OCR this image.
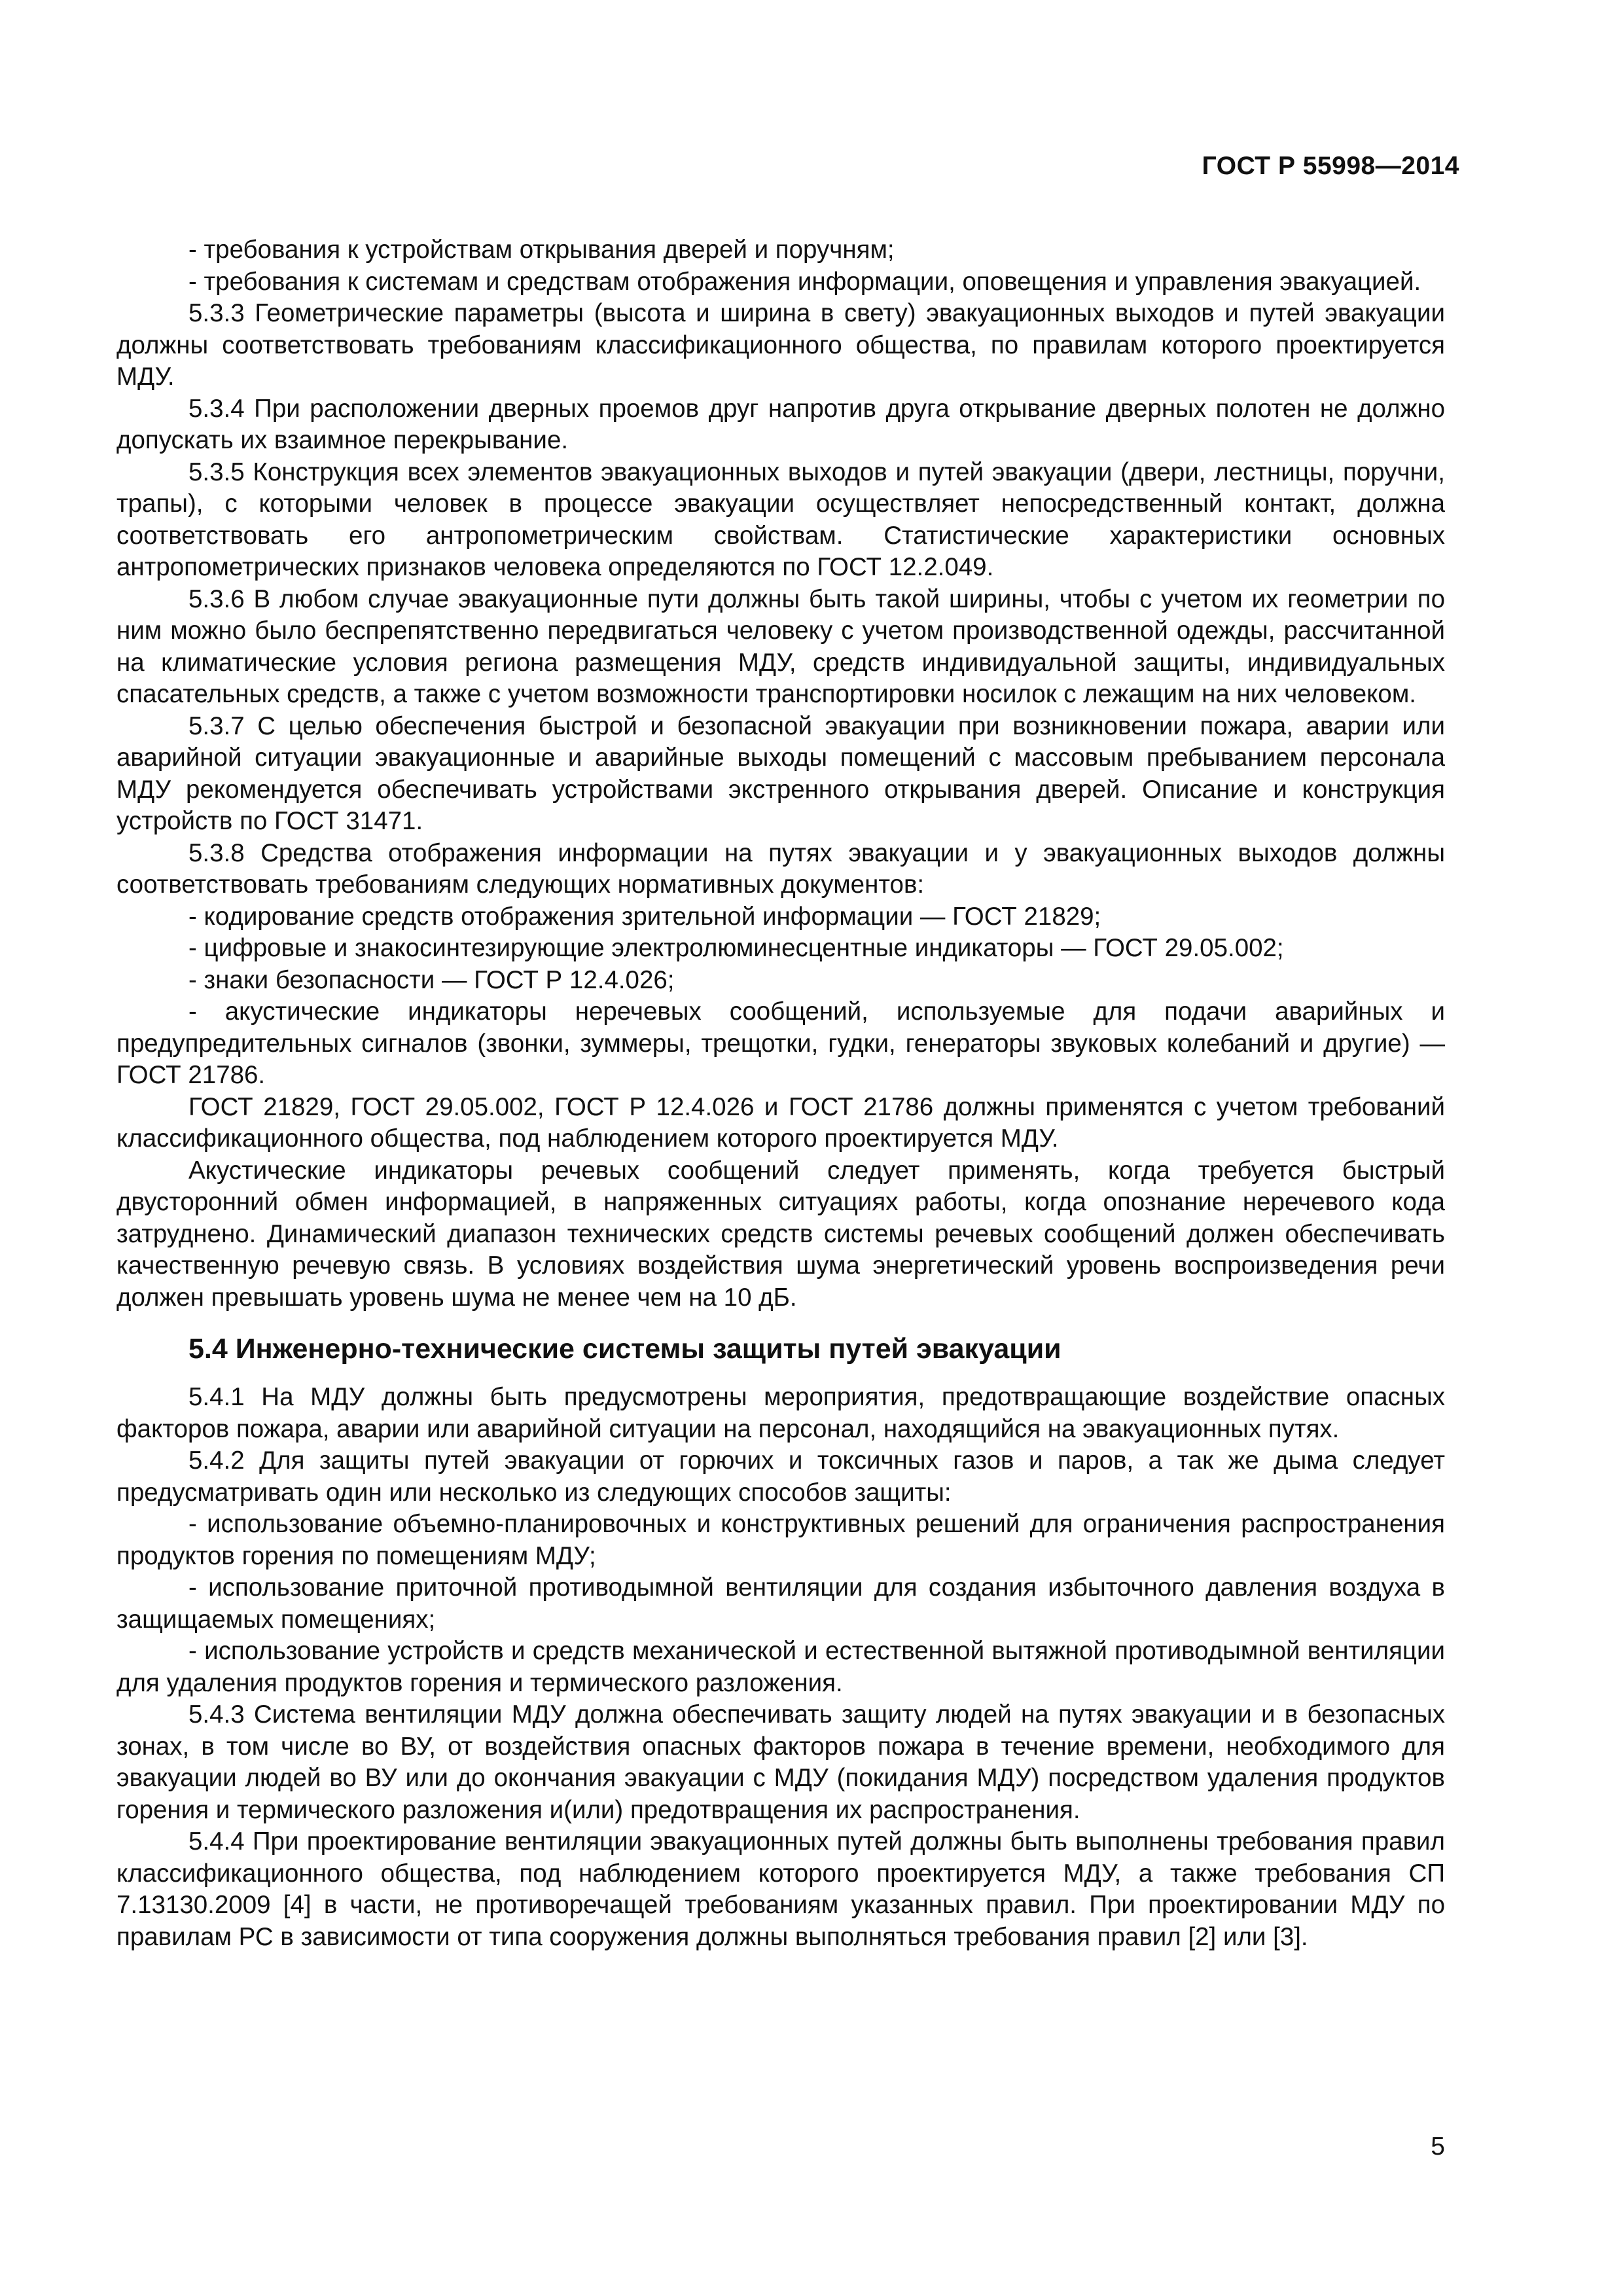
ГОСТ Р 55998—2014

- требования к устройствам открывания дверей и поручням;

- требования к системам и средствам отображения информации, оповещения и управления эвакуацией.

5.3.3 Геометрические параметры (высота и ширина в свету) эвакуационных выходов и путей эвакуации должны соответствовать требованиям классификационного общества, по правилам которого проектируется МДУ.

5.3.4 При расположении дверных проемов друг напротив друга открывание дверных полотен не должно допускать их взаимное перекрывание.

5.3.5 Конструкция всех элементов эвакуационных выходов и путей эвакуации (двери, лестницы, поручни, трапы), с которыми человек в процессе эвакуации осуществляет непосредственный контакт, должна соответствовать его антропометрическим свойствам. Статистические характеристики основных антропометрических признаков человека определяются по ГОСТ 12.2.049.

5.3.6 В любом случае эвакуационные пути должны быть такой ширины, чтобы с учетом их геометрии по ним можно было беспрепятственно передвигаться человеку с учетом производственной одежды, рассчитанной на климатические условия региона размещения МДУ, средств индивидуальной защиты, индивидуальных спасательных средств, а также с учетом возможности транспортировки носилок с лежащим на них человеком.

5.3.7 С целью обеспечения быстрой и безопасной эвакуации при возникновении пожара, аварии или аварийной ситуации эвакуационные и аварийные выходы помещений с массовым пребыванием персонала МДУ рекомендуется обеспечивать устройствами экстренного открывания дверей. Описание и конструкция устройств по ГОСТ 31471.

5.3.8 Средства отображения информации на путях эвакуации и у эвакуационных выходов должны соответствовать требованиям следующих нормативных документов:

- кодирование средств отображения зрительной информации — ГОСТ 21829;

- цифровые и знакосинтезирующие электролюминесцентные индикаторы — ГОСТ 29.05.002;

- знаки безопасности — ГОСТ Р 12.4.026;

- акустические индикаторы неречевых сообщений, используемые для подачи аварийных и предупредительных сигналов (звонки, зуммеры, трещотки, гудки, генераторы звуковых колебаний и другие) — ГОСТ 21786.

ГОСТ 21829, ГОСТ 29.05.002, ГОСТ Р 12.4.026 и ГОСТ 21786 должны применятся с учетом требований классификационного общества, под наблюдением которого проектируется МДУ.

Акустические индикаторы речевых сообщений следует применять, когда требуется быстрый двусторонний обмен информацией, в напряженных ситуациях работы, когда опознание неречевого кода затруднено. Динамический диапазон технических средств системы речевых сообщений должен обеспечивать качественную речевую связь. В условиях воздействия шума энергетический уровень воспроизведения речи должен превышать уровень шума не менее чем на 10 дБ.

5.4 Инженерно-технические системы защиты путей эвакуации

5.4.1 На МДУ должны быть предусмотрены мероприятия, предотвращающие воздействие опасных факторов пожара, аварии или аварийной ситуации на персонал, находящийся на эвакуационных путях.

5.4.2 Для защиты путей эвакуации от горючих и токсичных газов и паров, а так же дыма следует предусматривать один или несколько из следующих способов защиты:

- использование объемно-планировочных и конструктивных решений для ограничения распространения продуктов горения по помещениям МДУ;

- использование приточной противодымной вентиляции для создания избыточного давления воздуха в защищаемых помещениях;

- использование устройств и средств механической и естественной вытяжной противодымной вентиляции для удаления продуктов горения и термического разложения.

5.4.3 Система вентиляции МДУ должна обеспечивать защиту людей на путях эвакуации и в безопасных зонах, в том числе во ВУ, от воздействия опасных факторов пожара в течение времени, необходимого для эвакуации людей во ВУ или до окончания эвакуации с МДУ (покидания МДУ) посредством удаления продуктов горения и термического разложения и(или) предотвращения их распространения.

5.4.4 При проектирование вентиляции эвакуационных путей должны быть выполнены требования правил классификационного общества, под наблюдением которого проектируется МДУ, а также требования СП 7.13130.2009 [4] в части, не противоречащей требованиям указанных правил. При проектировании МДУ по правилам РС в зависимости от типа сооружения должны выполняться требования правил [2] или [3].

5
